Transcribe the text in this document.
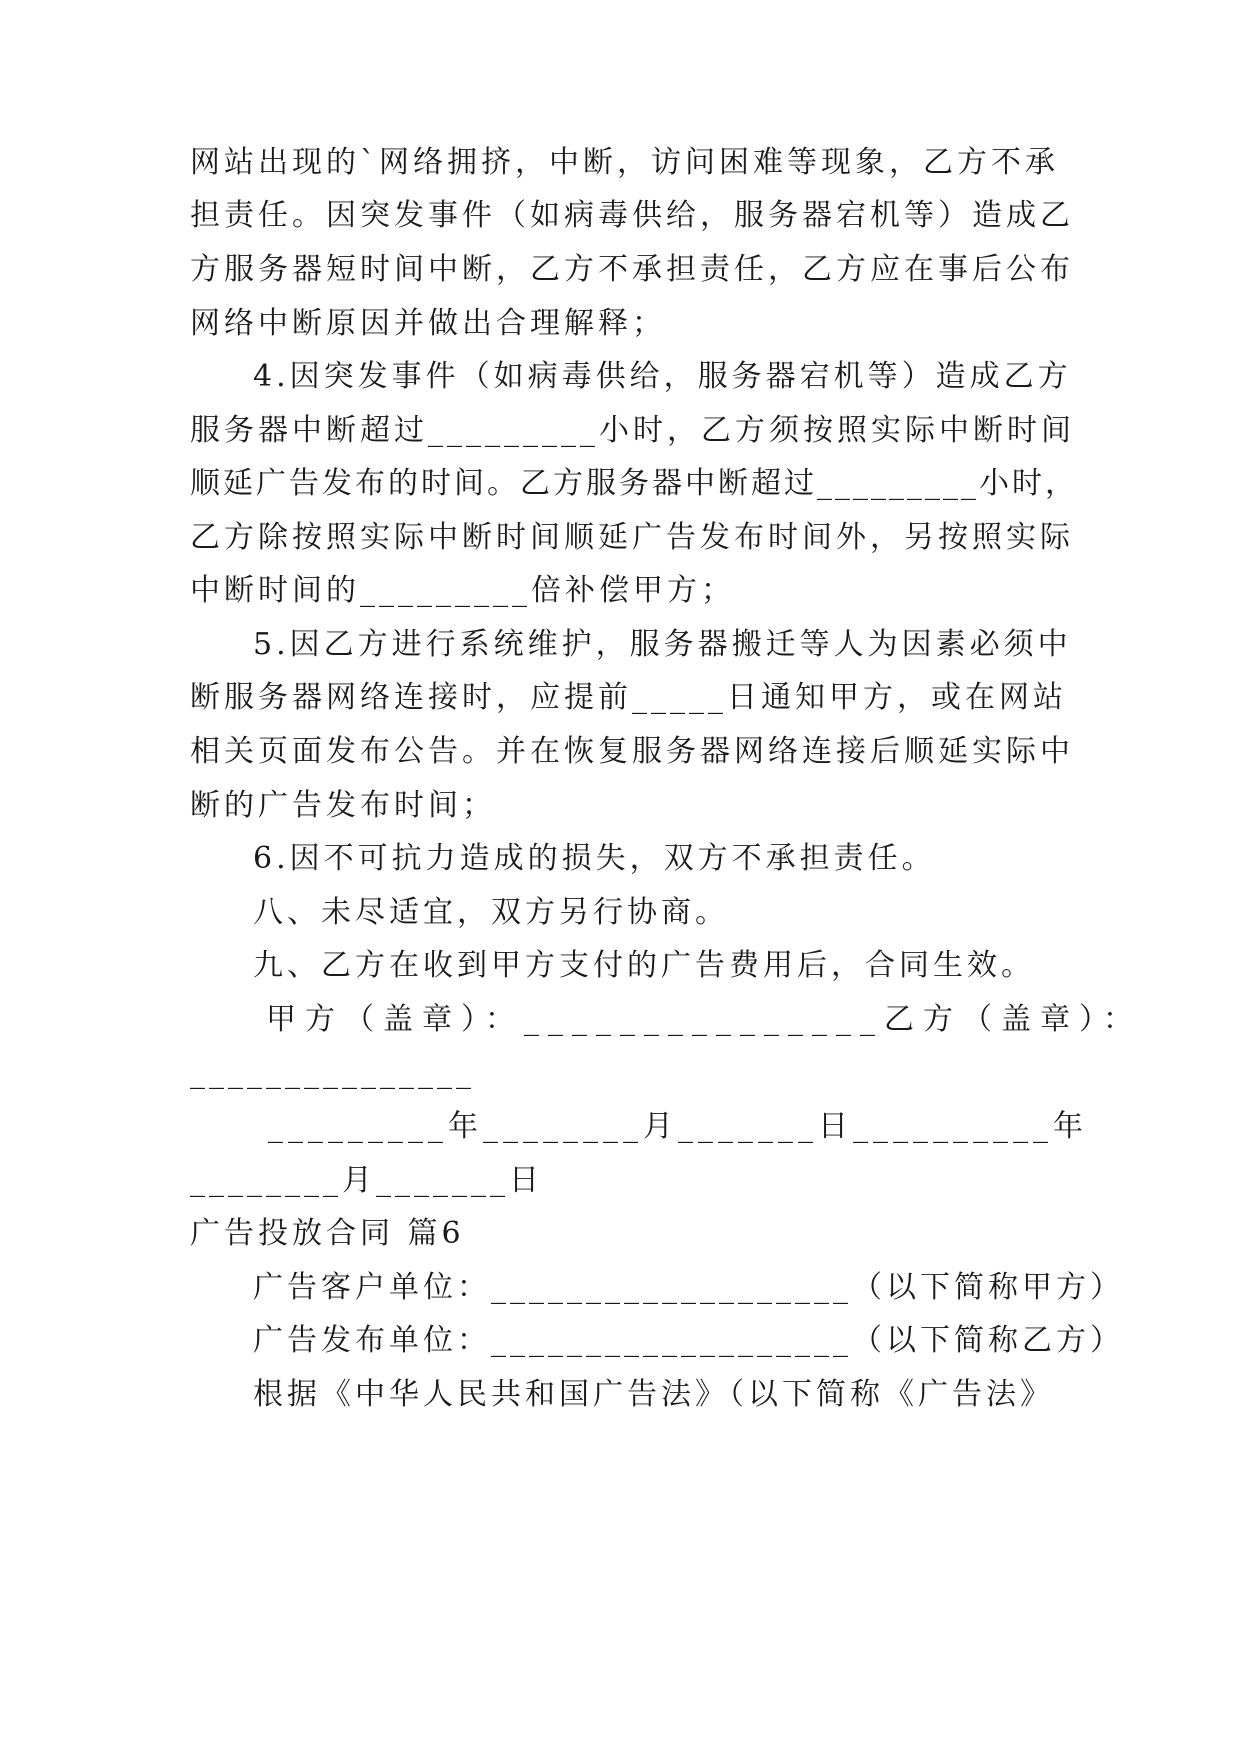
网站出现的`网络拥挤，中断，访问困难等现象，乙方不承
担责任。因突发事件（如病毒供给，服务器宕机等）造成乙
方服务器短时间中断，乙方不承担责任，乙方应在事后公布
网络中断原因并做出合理解释；
4.因突发事件（如病毒供给，服务器宕机等）造成乙方
服务器中断超过_________小时，乙方须按照实际中断时间
顺延广告发布的时间。乙方服务器中断超过_________小时，
乙方除按照实际中断时间顺延广告发布时间外，另按照实际
中断时间的_________倍补偿甲方；
5.因乙方进行系统维护，服务器搬迁等人为因素必须中
断服务器网络连接时，应提前_____日通知甲方，或在网站
相关页面发布公告。并在恢复服务器网络连接后顺延实际中
断的广告发布时间；
6.因不可抗力造成的损失，双方不承担责任。
八、未尽适宜，双方另行协商。
九、乙方在收到甲方支付的广告费用后，合同生效。
甲方（盖章）：_______________乙方（盖章）：
_______________
_________年________月_______日__________年
________月_______日
广告投放合同 篇6
广告客户单位：___________________（以下简称甲方）
广告发布单位：___________________（以下简称乙方）
根据《中华人民共和国广告法》（以下简称《广告法》
